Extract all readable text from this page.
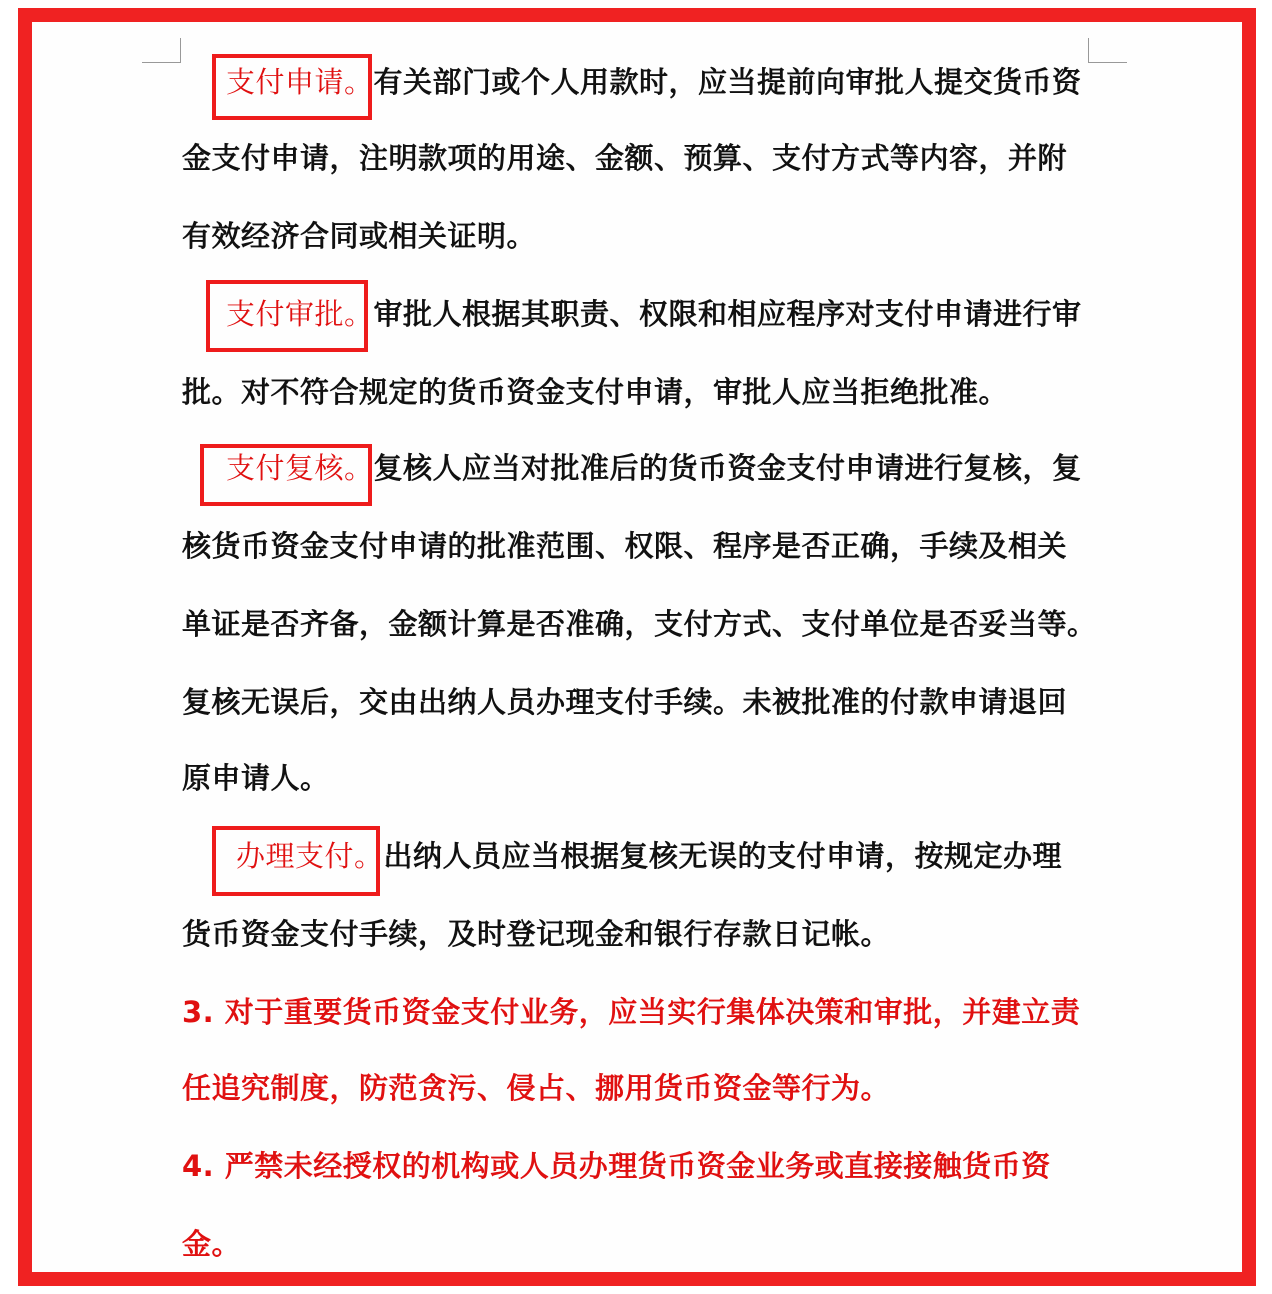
支付申请。有关部门或个人用款时，应当提前向审批人提交货币资
金支付申请，注明款项的用途、金额、预算、支付方式等内容，并附
有效经济合同或相关证明。
支付审批。审批人根据其职责、权限和相应程序对支付申请进行审
批。对不符合规定的货币资金支付申请，审批人应当拒绝批准。
支付复核。复核人应当对批准后的货币资金支付申请进行复核，复
核货币资金支付申请的批准范围、权限、程序是否正确，手续及相关
单证是否齐备，金额计算是否准确，支付方式、支付单位是否妥当等。
复核无误后，交由出纳人员办理支付手续。未被批准的付款申请退回
原申请人。
办理支付。出纳人员应当根据复核无误的支付申请，按规定办理
货币资金支付手续，及时登记现金和银行存款日记帐。
3. 对于重要货币资金支付业务，应当实行集体决策和审批，并建立责
任追究制度，防范贪污、侵占、挪用货币资金等行为。
4. 严禁未经授权的机构或人员办理货币资金业务或直接接触货币资
金。
